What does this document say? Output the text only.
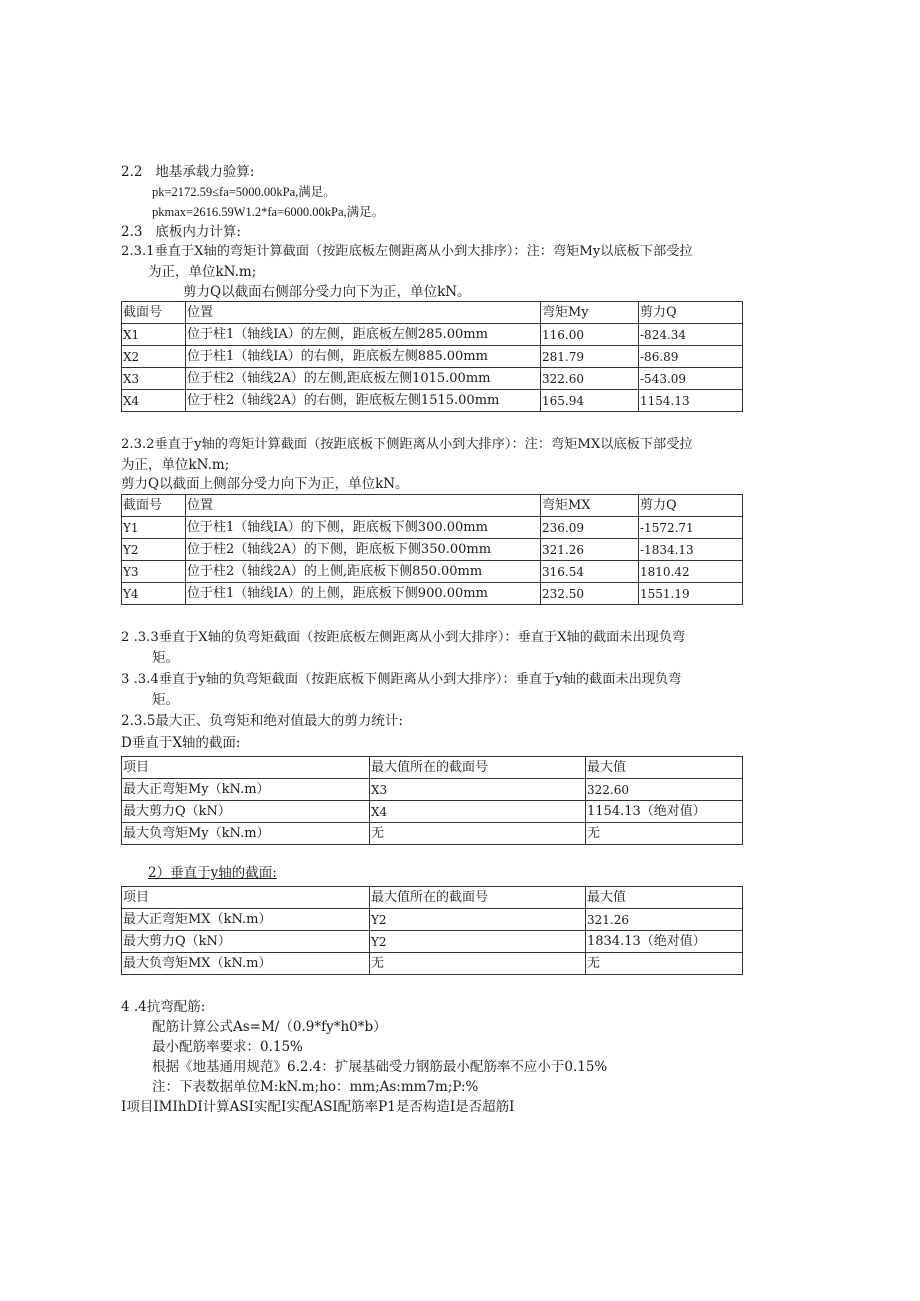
2.2 地基承载力验算:
pk=2172.59≤fa=5000.00kPa,满足。
pkmax=2616.59W1.2*fa=6000.00kPa,满足。
2.3 底板内力计算:
2.3.1垂直于X轴的弯矩计算截面（按距底板左侧距离从小到大排序）：注：弯矩My以底板下部受拉
为正，单位kN.m;
剪力Q以截面右侧部分受力向下为正，单位kN。
截面号	位置	弯矩My	剪力Q
X1	位于柱1（轴线IA）的左侧，距底板左侧285.00mm	116.00	-824.34
X2	位于柱1（轴线IA）的右侧，距底板左侧885.00mm	281.79	-86.89
X3	位于柱2（轴线2A）的左侧,距底板左侧1015.00mm	322.60	-543.09
X4	位于柱2（轴线2A）的右侧，距底板左侧1515.00mm	165.94	1154.13
2.3.2垂直于y轴的弯矩计算截面（按距底板下侧距离从小到大排序）：注：弯矩MX以底板下部受拉
为正，单位kN.m;
剪力Q以截面上侧部分受力向下为正，单位kN。
截面号	位置	弯矩MX	剪力Q
Y1	位于柱1（轴线IA）的下侧，距底板下侧300.00mm	236.09	-1572.71
Y2	位于柱2（轴线2A）的下侧，距底板下侧350.00mm	321.26	-1834.13
Y3	位于柱2（轴线2A）的上侧,距底板下侧850.00mm	316.54	1810.42
Y4	位于柱1（轴线IA）的上侧，距底板下侧900.00mm	232.50	1551.19
2 .3.3垂直于X轴的负弯矩截面（按距底板左侧距离从小到大排序）：垂直于X轴的截面未出现负弯
矩。
3 .3.4垂直于y轴的负弯矩截面（按距底板下侧距离从小到大排序）：垂直于y轴的截面未出现负弯
矩。
2.3.5最大正、负弯矩和绝对值最大的剪力统计:
D垂直于X轴的截面:
项目	最大值所在的截面号	最大值
最大正弯矩My（kN.m）	X3	322.60
最大剪力Q（kN）	X4	1154.13（绝对值）
最大负弯矩My（kN.m）	无	无
2）垂直于y轴的截面:
项目	最大值所在的截面号	最大值
最大正弯矩MX（kN.m）	Y2	321.26
最大剪力Q（kN）	Y2	1834.13（绝对值）
最大负弯矩MX（kN.m）	无	无
4 .4抗弯配筋:
配筋计算公式As=M/（0.9*fy*h0*b）
最小配筋率要求：0.15%
根据《地基通用规范》6.2.4：扩展基础受力钢筋最小配筋率不应小于0.15%
注：下表数据单位M:kN.m;ho：mm;As:mm7m;P:%
I项目IMIhDI计算ASI实配I实配ASI配筋率P1是否构造I是否超筋I
